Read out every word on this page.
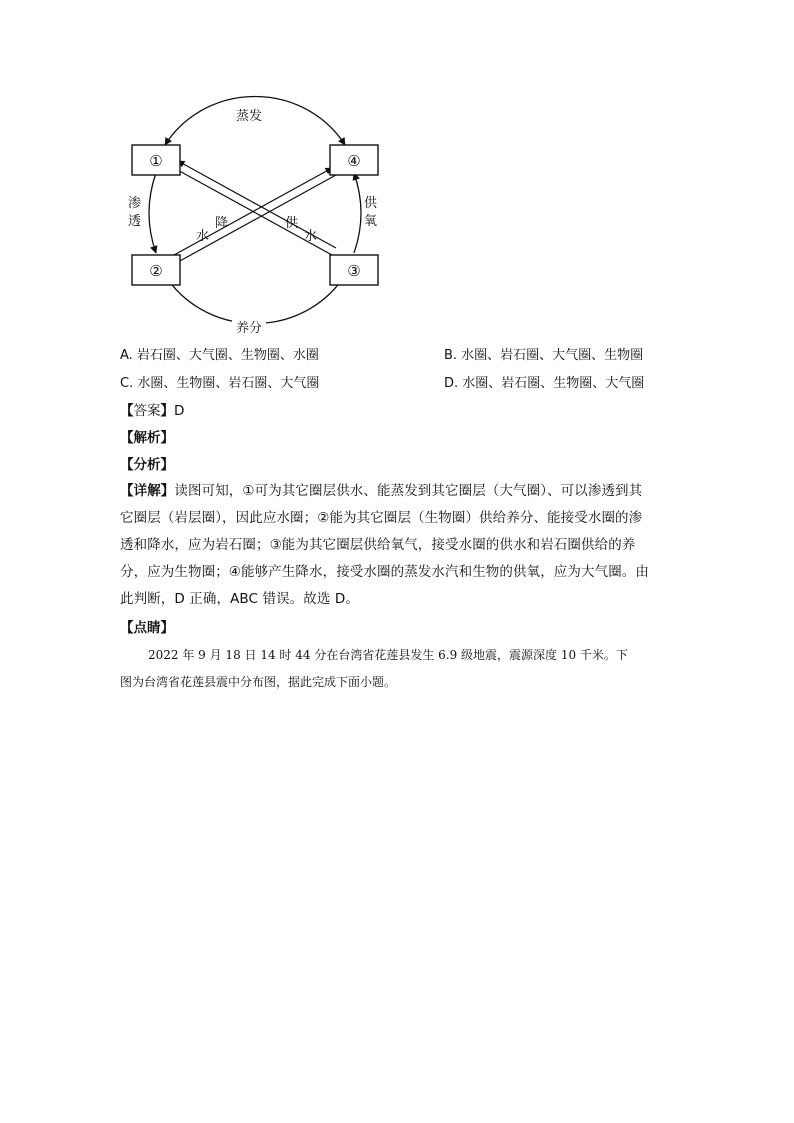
①	④
②	③
蒸发
养分
渗
透
供
氧
降
水
供
水
A. 岩石圈、大气圈、生物圈、水圈	B. 水圈、岩石圈、大气圈、生物圈
C. 水圈、生物圈、岩石圈、大气圈	D. 水圈、岩石圈、生物圈、大气圈
【答案】D
【解析】
【分析】
【详解】读图可知，①可为其它圈层供水、能蒸发到其它圈层（大气圈）、可以渗透到其
它圈层（岩层圈），因此应水圈；②能为其它圈层（生物圈）供给养分、能接受水圈的渗
透和降水，应为岩石圈；③能为其它圈层供给氧气，接受水圈的供水和岩石圈供给的养
分，应为生物圈；④能够产生降水，接受水圈的蒸发水汽和生物的供氧，应为大气圈。由
此判断，D 正确，ABC 错误。故选 D。
【点睛】
2022 年 9 月 18 日 14 时 44 分在台湾省花莲县发生 6.9 级地震，震源深度 10 千米。下
图为台湾省花莲县震中分布图，据此完成下面小题。
